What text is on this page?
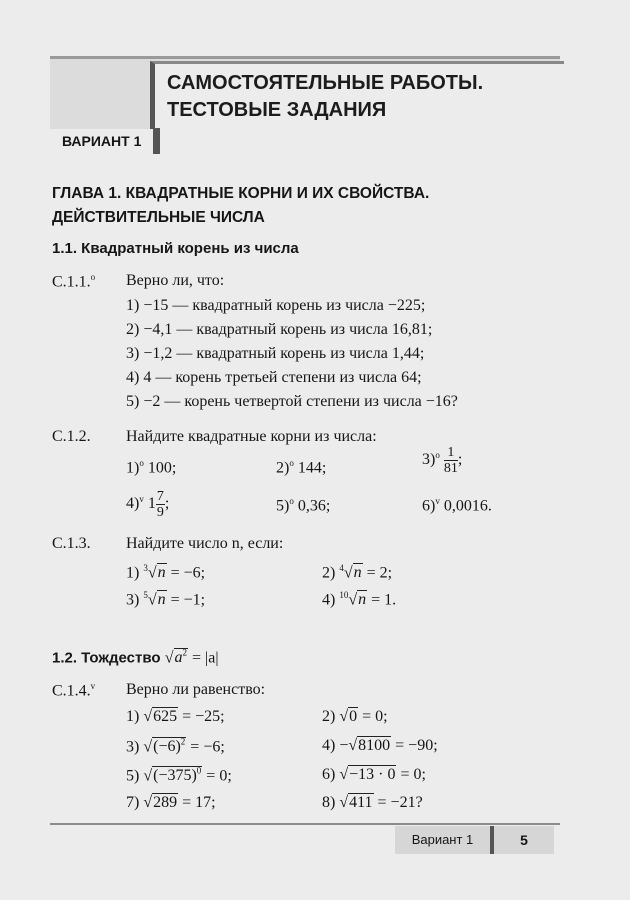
САМОСТОЯТЕЛЬНЫЕ РАБОТЫ.
ТЕСТОВЫЕ ЗАДАНИЯ
ВАРИАНТ 1
ГЛАВА 1. КВАДРАТНЫЕ КОРНИ И ИХ СВОЙСТВА.
ДЕЙСТВИТЕЛЬНЫЕ ЧИСЛА
1.1. Квадратный корень из числа
С.1.1.$^о$ Верно ли, что:
1) −15 — квадратный корень из числа −225;
2) −4,1 — квадратный корень из числа 16,81;
3) −1,2 — квадратный корень из числа 1,44;
4) 4 — корень третьей степени из числа 64;
5) −2 — корень четвертой степени из числа −16?
С.1.2. Найдите квадратные корни из числа:
1)$^о$ 100;	2)$^о$ 144;	$3)^о \frac{1}{81}$ ;
4)$^v$ $1 \frac{7}{9}$ ;	5)$^о$ 0,36;	6)$^v$ 0,0016.
С.1.3. Найдите число n, если:
1) $^3$√n = −6;	2) $^4$√n = 2;
3) $^5$√n = −1;	4) $^{10}$√n = 1.
1.2. Тождество $√a^2 = |a|$
С.1.4.$^v$ Верно ли равенство:
1) √625 = −25;	2) √0 = 0;
3) $√(-6)^2 = -6$;	4) −√8100 = −90;
5) $√(-375)^0 = 0$;	6) √−13 · 0 = 0;
7) √289 = 17;	8) √411 = −21?
Вариант 1	5
